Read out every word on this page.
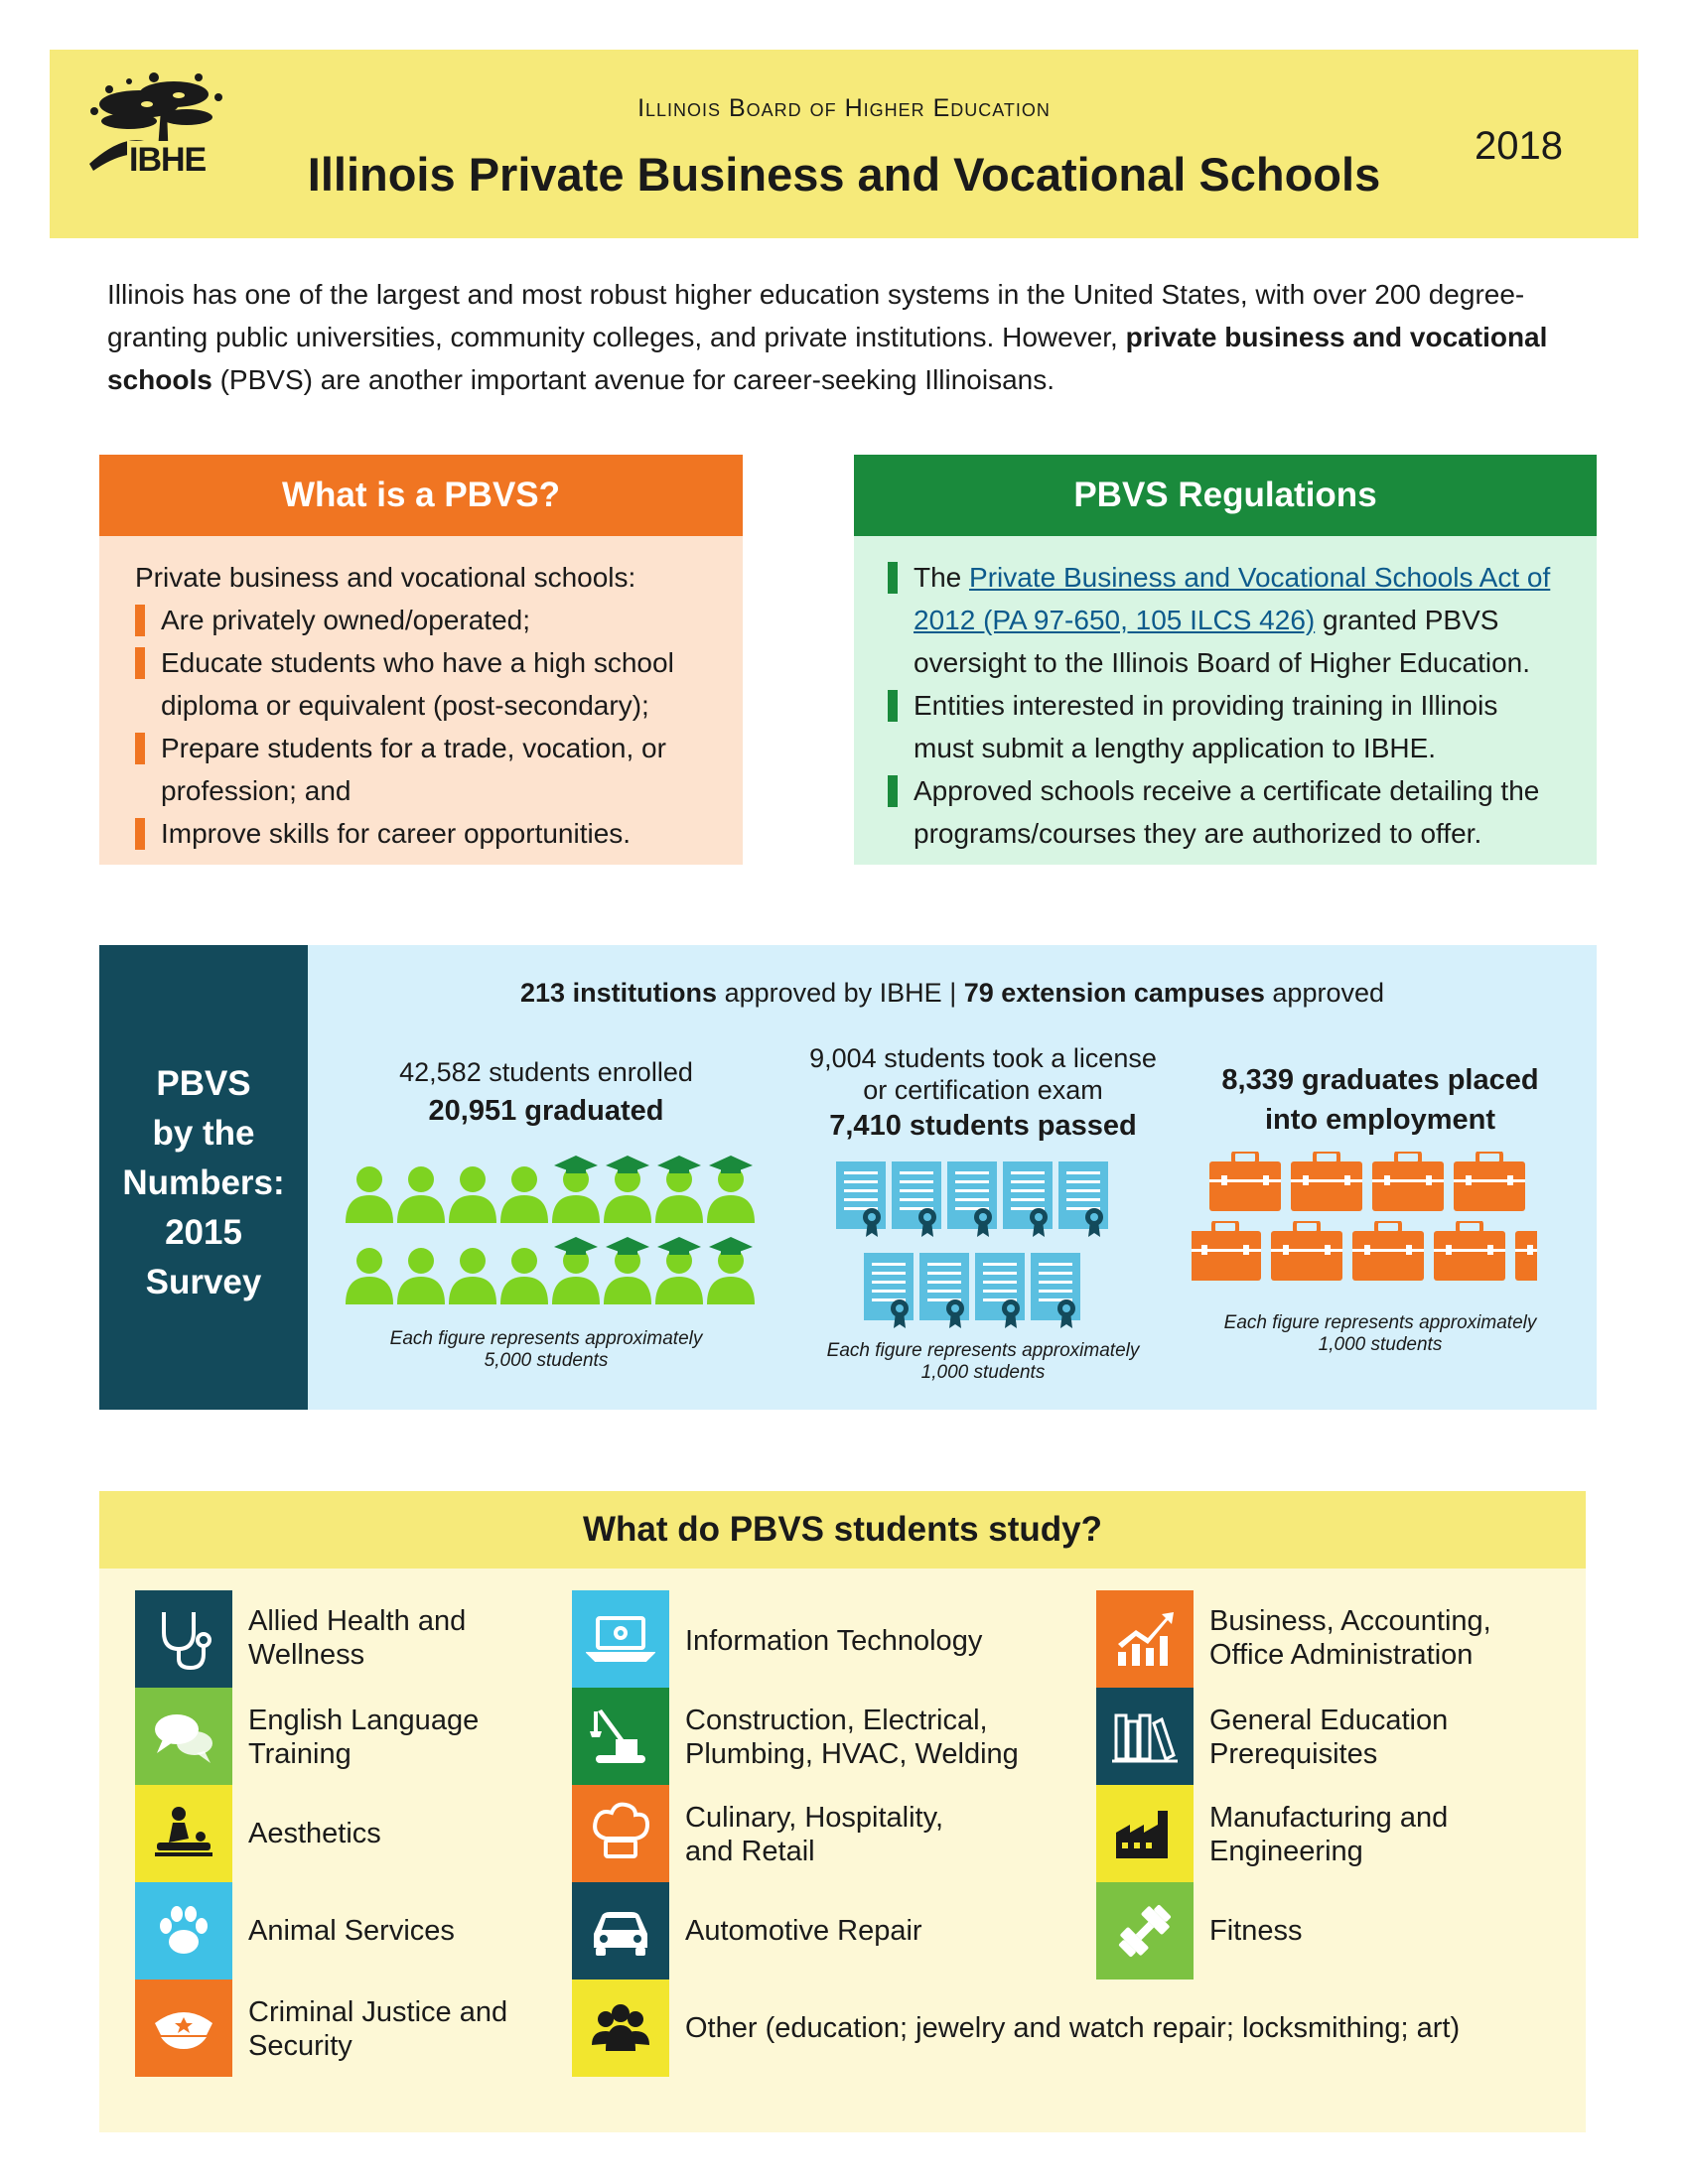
IBHE
Illinois Board of Higher Education
Illinois Private Business and Vocational Schools
2018
Illinois has one of the largest and most robust higher education systems in the United States, with over 200 degree-granting public universities, community colleges, and private institutions. However, private business and vocational schools (PBVS) are another important avenue for career-seeking Illinoisans.
What is a PBVS?
Private business and vocational schools:
Are privately owned/operated;
Educate students who have a high school diploma or equivalent (post-secondary);
Prepare students for a trade, vocation, or profession; and
Improve skills for career opportunities.
PBVS Regulations
The Private Business and Vocational Schools Act of 2012 (PA 97-650, 105 ILCS 426) granted PBVS oversight to the Illinois Board of Higher Education.
Entities interested in providing training in Illinois must submit a lengthy application to IBHE.
Approved schools receive a certificate detailing the programs/courses they are authorized to offer.
PBVS
by the
Numbers:
2015
Survey
213 institutions approved by IBHE | 79 extension campuses approved
42,582 students enrolled
20,951 graduated
Each figure represents approximately 5,000 students
9,004 students took a license
or certification exam
7,410 students passed
Each figure represents approximately 1,000 students
8,339 graduates placed
into employment
Each figure represents approximately 1,000 students
What do PBVS students study?
Allied Health and Wellness
English Language Training
Aesthetics
Animal Services
Criminal Justice and Security
Information Technology
Construction, Electrical, Plumbing, HVAC, Welding
Culinary, Hospitality, and Retail
Automotive Repair
Other (education; jewelry and watch repair; locksmithing; art)
Business, Accounting, Office Administration
General Education Prerequisites
Manufacturing and Engineering
Fitness
